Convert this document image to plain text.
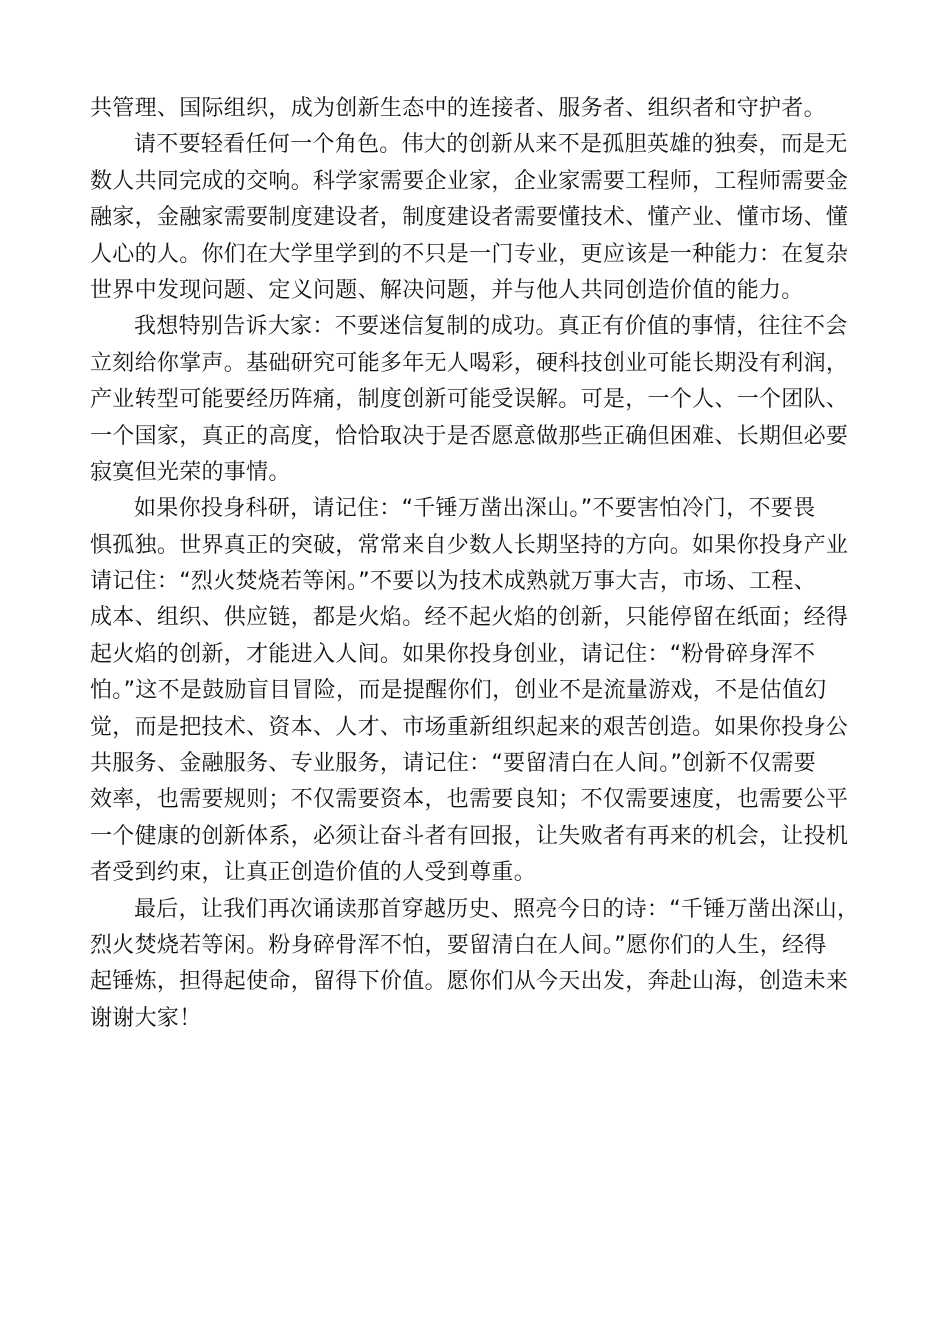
共管理、国际组织，成为创新生态中的连接者、服务者、组织者和守护者。
请不要轻看任何一个角色。伟大的创新从来不是孤胆英雄的独奏，而是无
数人共同完成的交响。科学家需要企业家，企业家需要工程师，工程师需要金
融家，金融家需要制度建设者，制度建设者需要懂技术、懂产业、懂市场、懂
人心的人。你们在大学里学到的不只是一门专业，更应该是一种能力：在复杂
世界中发现问题、定义问题、解决问题，并与他人共同创造价值的能力。
我想特别告诉大家：不要迷信复制的成功。真正有价值的事情，往往不会
立刻给你掌声。基础研究可能多年无人喝彩，硬科技创业可能长期没有利润，
产业转型可能要经历阵痛，制度创新可能受误解。可是，一个人、一个团队、
一个国家，真正的高度，恰恰取决于是否愿意做那些正确但困难、长期但必要
寂寞但光荣的事情。
如果你投身科研，请记住：“千锤万凿出深山。”不要害怕冷门，不要畏
惧孤独。世界真正的突破，常常来自少数人长期坚持的方向。如果你投身产业
请记住：“烈火焚烧若等闲。”不要以为技术成熟就万事大吉，市场、工程、
成本、组织、供应链，都是火焰。经不起火焰的创新，只能停留在纸面；经得
起火焰的创新，才能进入人间。如果你投身创业，请记住：“粉骨碎身浑不
怕。”这不是鼓励盲目冒险，而是提醒你们，创业不是流量游戏，不是估值幻
觉，而是把技术、资本、人才、市场重新组织起来的艰苦创造。如果你投身公
共服务、金融服务、专业服务，请记住：“要留清白在人间。”创新不仅需要
效率，也需要规则；不仅需要资本，也需要良知；不仅需要速度，也需要公平
一个健康的创新体系，必须让奋斗者有回报，让失败者有再来的机会，让投机
者受到约束，让真正创造价值的人受到尊重。
最后，让我们再次诵读那首穿越历史、照亮今日的诗：“千锤万凿出深山，
烈火焚烧若等闲。粉身碎骨浑不怕，要留清白在人间。”愿你们的人生，经得
起锤炼，担得起使命，留得下价值。愿你们从今天出发，奔赴山海，创造未来
谢谢大家！
